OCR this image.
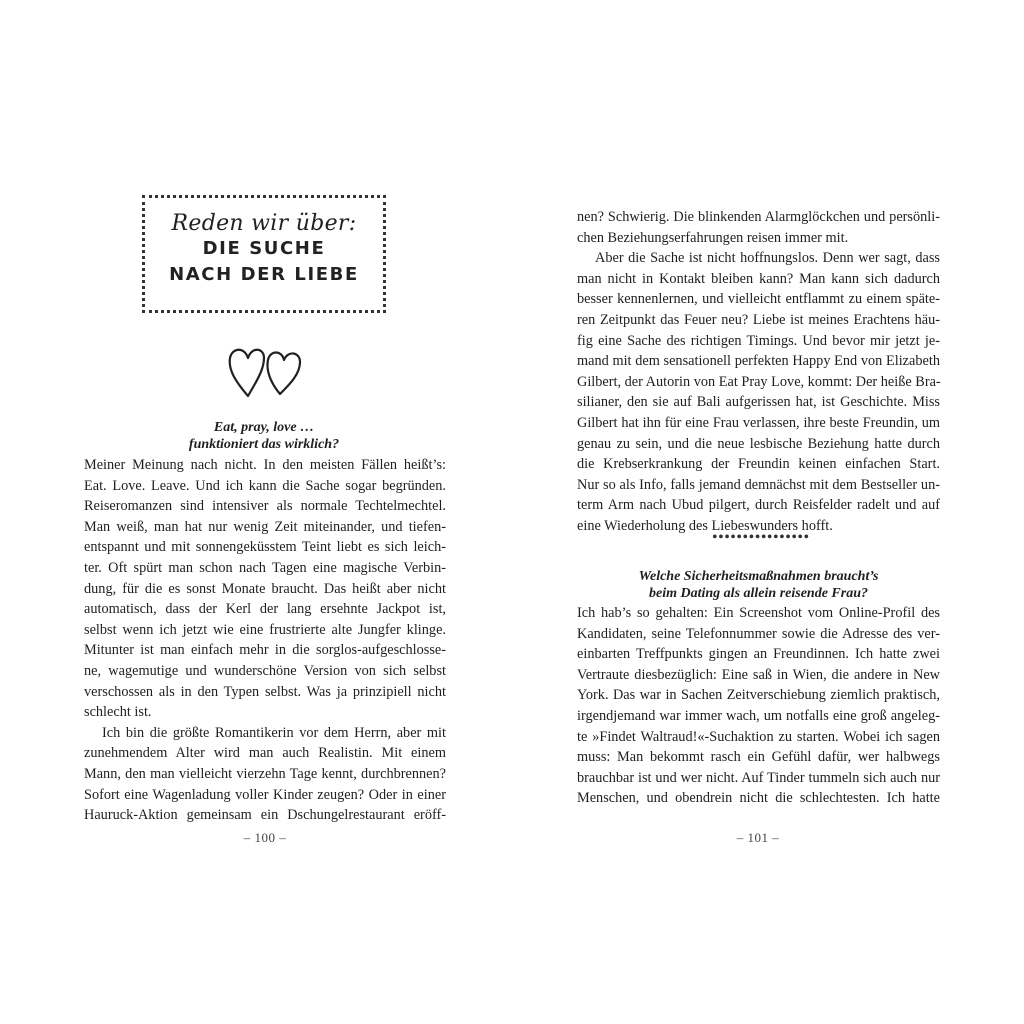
Reden wir über:
DIE SUCHE
NACH DER LIEBE
Eat, pray, love …
funktioniert das wirklich?

Meiner Meinung nach nicht. In den meisten Fällen heißt’s:
Eat. Love. Leave. Und ich kann die Sache sogar begründen.
Reiseromanzen sind intensiver als normale Techtelmechtel.
Man weiß, man hat nur wenig Zeit miteinander, und tiefen-
entspannt und mit sonnengeküsstem Teint liebt es sich leich-
ter. Oft spürt man schon nach Tagen eine magische Verbin-
dung, für die es sonst Monate braucht. Das heißt aber nicht
automatisch, dass der Kerl der lang ersehnte Jackpot ist,
selbst wenn ich jetzt wie eine frustrierte alte Jungfer klinge.
Mitunter ist man einfach mehr in die sorglos-aufgeschlosse-
ne, wagemutige und wunderschöne Version von sich selbst
verschossen als in den Typen selbst. Was ja prinzipiell nicht
schlecht ist.

Ich bin die größte Romantikerin vor dem Herrn, aber mit
zunehmendem Alter wird man auch Realistin. Mit einem
Mann, den man vielleicht vierzehn Tage kennt, durchbrennen?
Sofort eine Wagenladung voller Kinder zeugen? Oder in einer
Hauruck-Aktion gemeinsam ein Dschungelrestaurant eröff-

– 100 –

nen? Schwierig. Die blinkenden Alarmglöckchen und persönli-
chen Beziehungserfahrungen reisen immer mit.

Aber die Sache ist nicht hoffnungslos. Denn wer sagt, dass
man nicht in Kontakt bleiben kann? Man kann sich dadurch
besser kennenlernen, und vielleicht entflammt zu einem späte-
ren Zeitpunkt das Feuer neu? Liebe ist meines Erachtens häu-
fig eine Sache des richtigen Timings. Und bevor mir jetzt je-
mand mit dem sensationell perfekten Happy End von Elizabeth
Gilbert, der Autorin von Eat Pray Love, kommt: Der heiße Bra-
silianer, den sie auf Bali aufgerissen hat, ist Geschichte. Miss
Gilbert hat ihn für eine Frau verlassen, ihre beste Freundin, um
genau zu sein, und die neue lesbische Beziehung hatte durch
die Krebserkrankung der Freundin keinen einfachen Start.
Nur so als Info, falls jemand demnächst mit dem Bestseller un-
term Arm nach Ubud pilgert, durch Reisfelder radelt und auf
eine Wiederholung des Liebeswunders hofft.

••••••••••••••••
Welche Sicherheitsmaßnahmen braucht’s
beim Dating als allein reisende Frau?

Ich hab’s so gehalten: Ein Screenshot vom Online-Profil des
Kandidaten, seine Telefonnummer sowie die Adresse des ver-
einbarten Treffpunkts gingen an Freundinnen. Ich hatte zwei
Vertraute diesbezüglich: Eine saß in Wien, die andere in New
York. Das war in Sachen Zeitverschiebung ziemlich praktisch,
irgendjemand war immer wach, um notfalls eine groß angeleg-
te »Findet Waltraud!«-Suchaktion zu starten. Wobei ich sagen
muss: Man bekommt rasch ein Gefühl dafür, wer halbwegs
brauchbar ist und wer nicht. Auf Tinder tummeln sich auch nur
Menschen, und obendrein nicht die schlechtesten. Ich hatte

– 101 –
